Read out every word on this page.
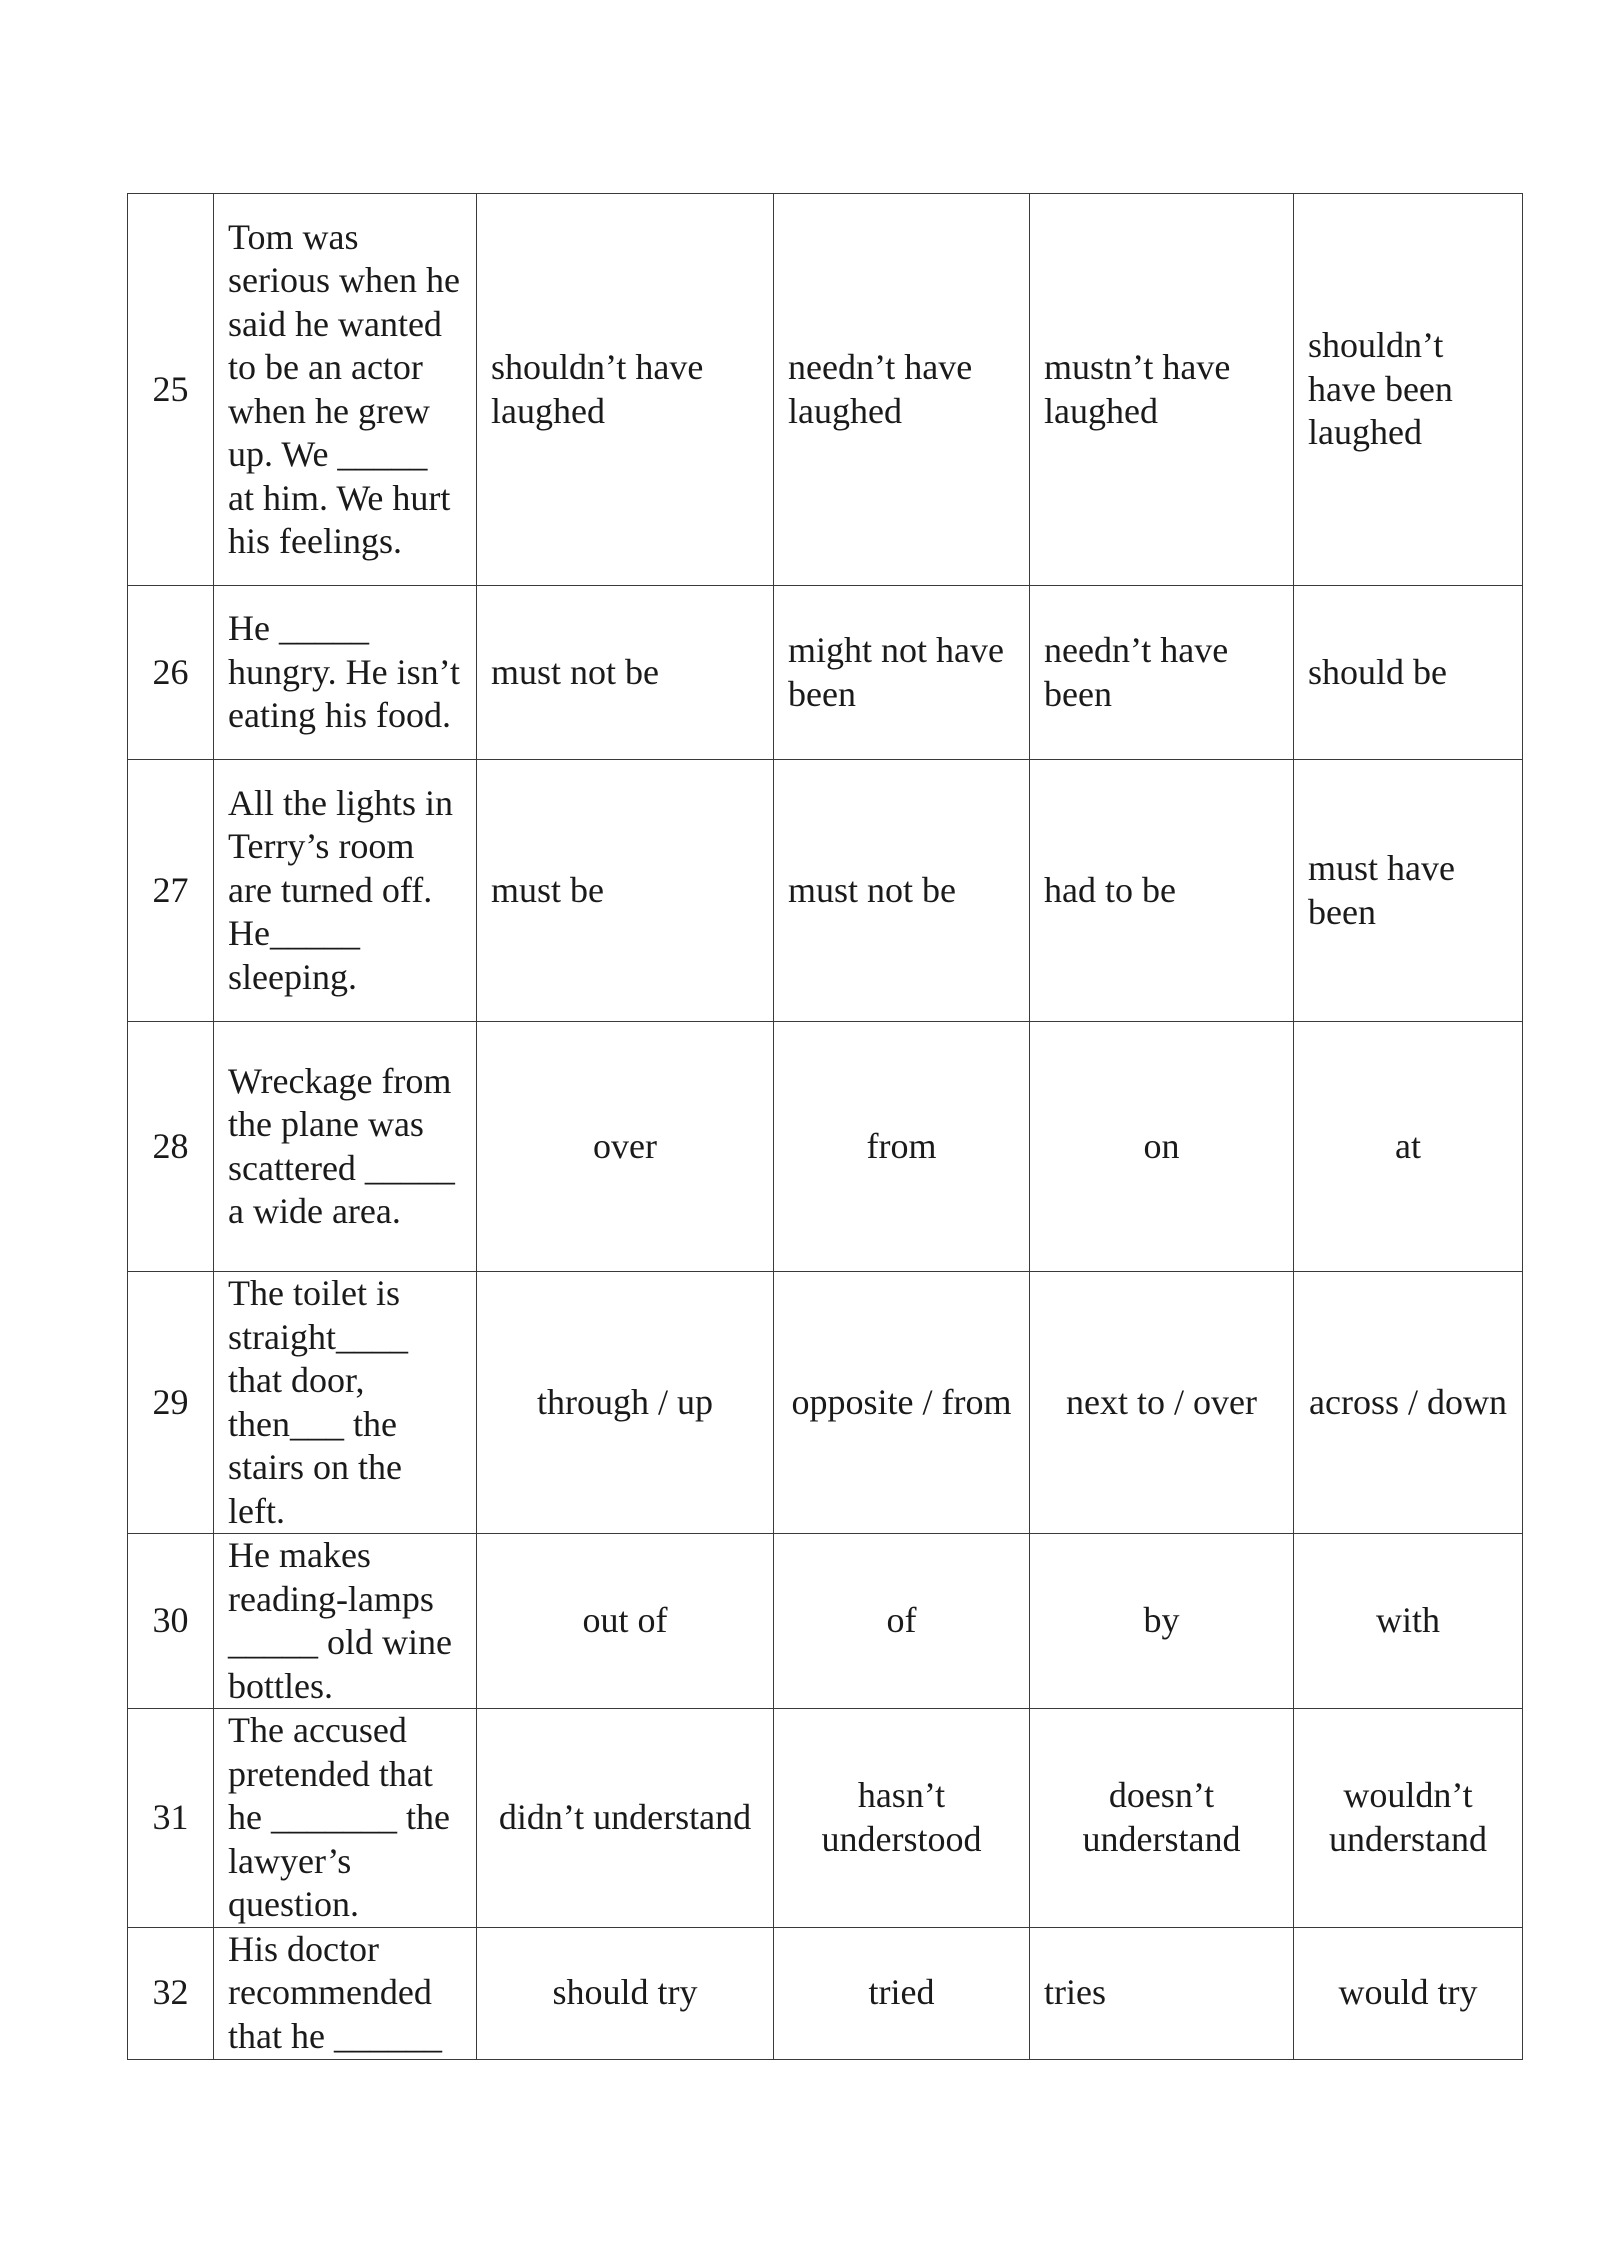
25	Tom was serious when he said he wanted to be an actor when he grew up. We _____ at him. We hurt his feelings.	shouldn’t have laughed	needn’t have laughed	mustn’t have laughed	shouldn’t have been laughed
26	He _____ hungry. He isn’t eating his food.	must not be	might not have been	needn’t have been	should be
27	All the lights in Terry’s room are turned off. He_____ sleeping.	must be	must not be	had to be	must have been
28	Wreckage from the plane was scattered _____ a wide area.	over	from	on	at
29	The toilet is straight____ that door, then___ the stairs on the left.	through / up	opposite / from	next to / over	across / down
30	He makes reading-lamps _____ old wine bottles.	out of	of	by	with
31	The accused pretended that he _______ the lawyer’s question.	didn’t understand	hasn’t understood	doesn’t understand	wouldn’t understand
32	His doctor recommended that he ______	should try	tried	tries	would try
